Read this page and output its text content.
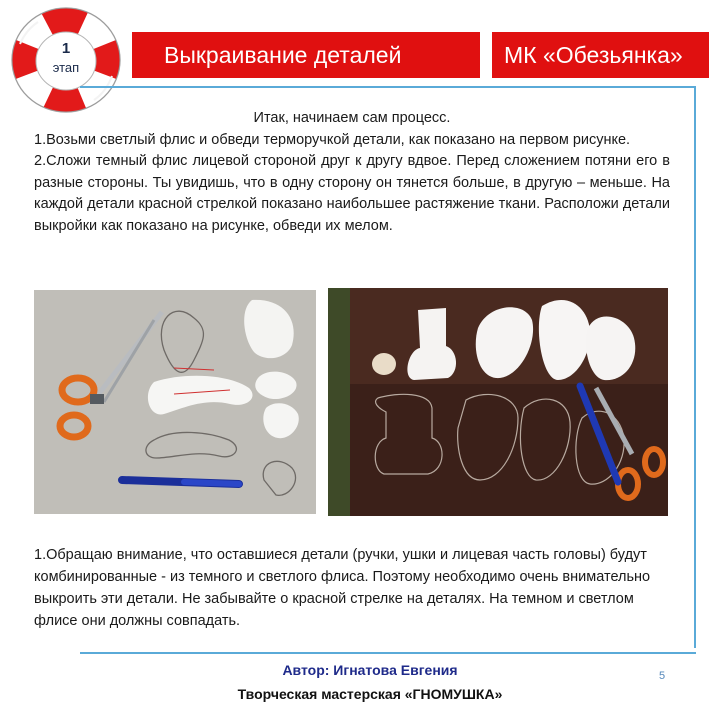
1
этап	Выкраивание деталей	МК «Обезьянка»

Итак, начинаем сам процесс.

1.Возьми светлый флис и обведи терморучкой детали, как показано на первом рисунке.

2.Сложи темный флис лицевой стороной друг к другу вдвое. Перед сложением потяни его в разные стороны. Ты увидишь, что в одну сторону он тянется больше, в другую – меньше. На каждой детали красной стрелкой показано наибольшее растяжение ткани. Расположи детали выкройки как показано на рисунке, обведи их мелом.

1.Обращаю внимание, что оставшиеся детали (ручки, ушки и лицевая часть головы) будут комбинированные - из темного и светлого флиса. Поэтому необходимо очень внимательно выкроить эти детали. Не забывайте о красной стрелке на деталях. На темном и светлом флисе они должны совпадать.
Автор: Игнатова Евгения
Творческая мастерская «ГНОМУШКА»
5
